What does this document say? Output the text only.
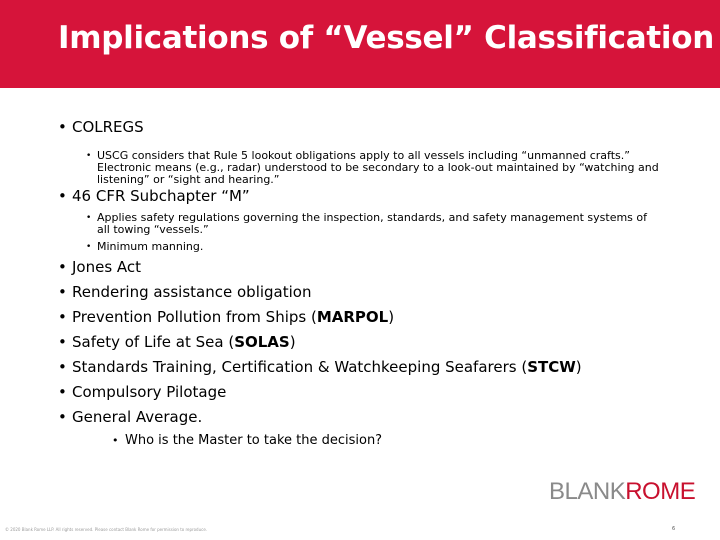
Implications of “Vessel” Classification
• COLREGS
• USCG considers that Rule 5 lookout obligations apply to all vessels including “unmanned crafts.” Electronic means (e.g., radar) understood to be secondary to a look-out maintained by “watching and listening” or “sight and hearing.”
• 46 CFR Subchapter “M”
• Applies safety regulations governing the inspection, standards, and safety management systems of all towing “vessels.”
• Minimum manning.
• Jones Act
• Rendering assistance obligation
• Prevention Pollution from Ships (MARPOL)
• Safety of Life at Sea (SOLAS)
• Standards Training, Certification & Watchkeeping Seafarers (STCW)
• Compulsory Pilotage
• General Average.
• Who is the Master to take the decision?
BLANKROME
© 2020 Blank Rome LLP. All rights reserved. Please contact Blank Rome for permission to reproduce.	6
